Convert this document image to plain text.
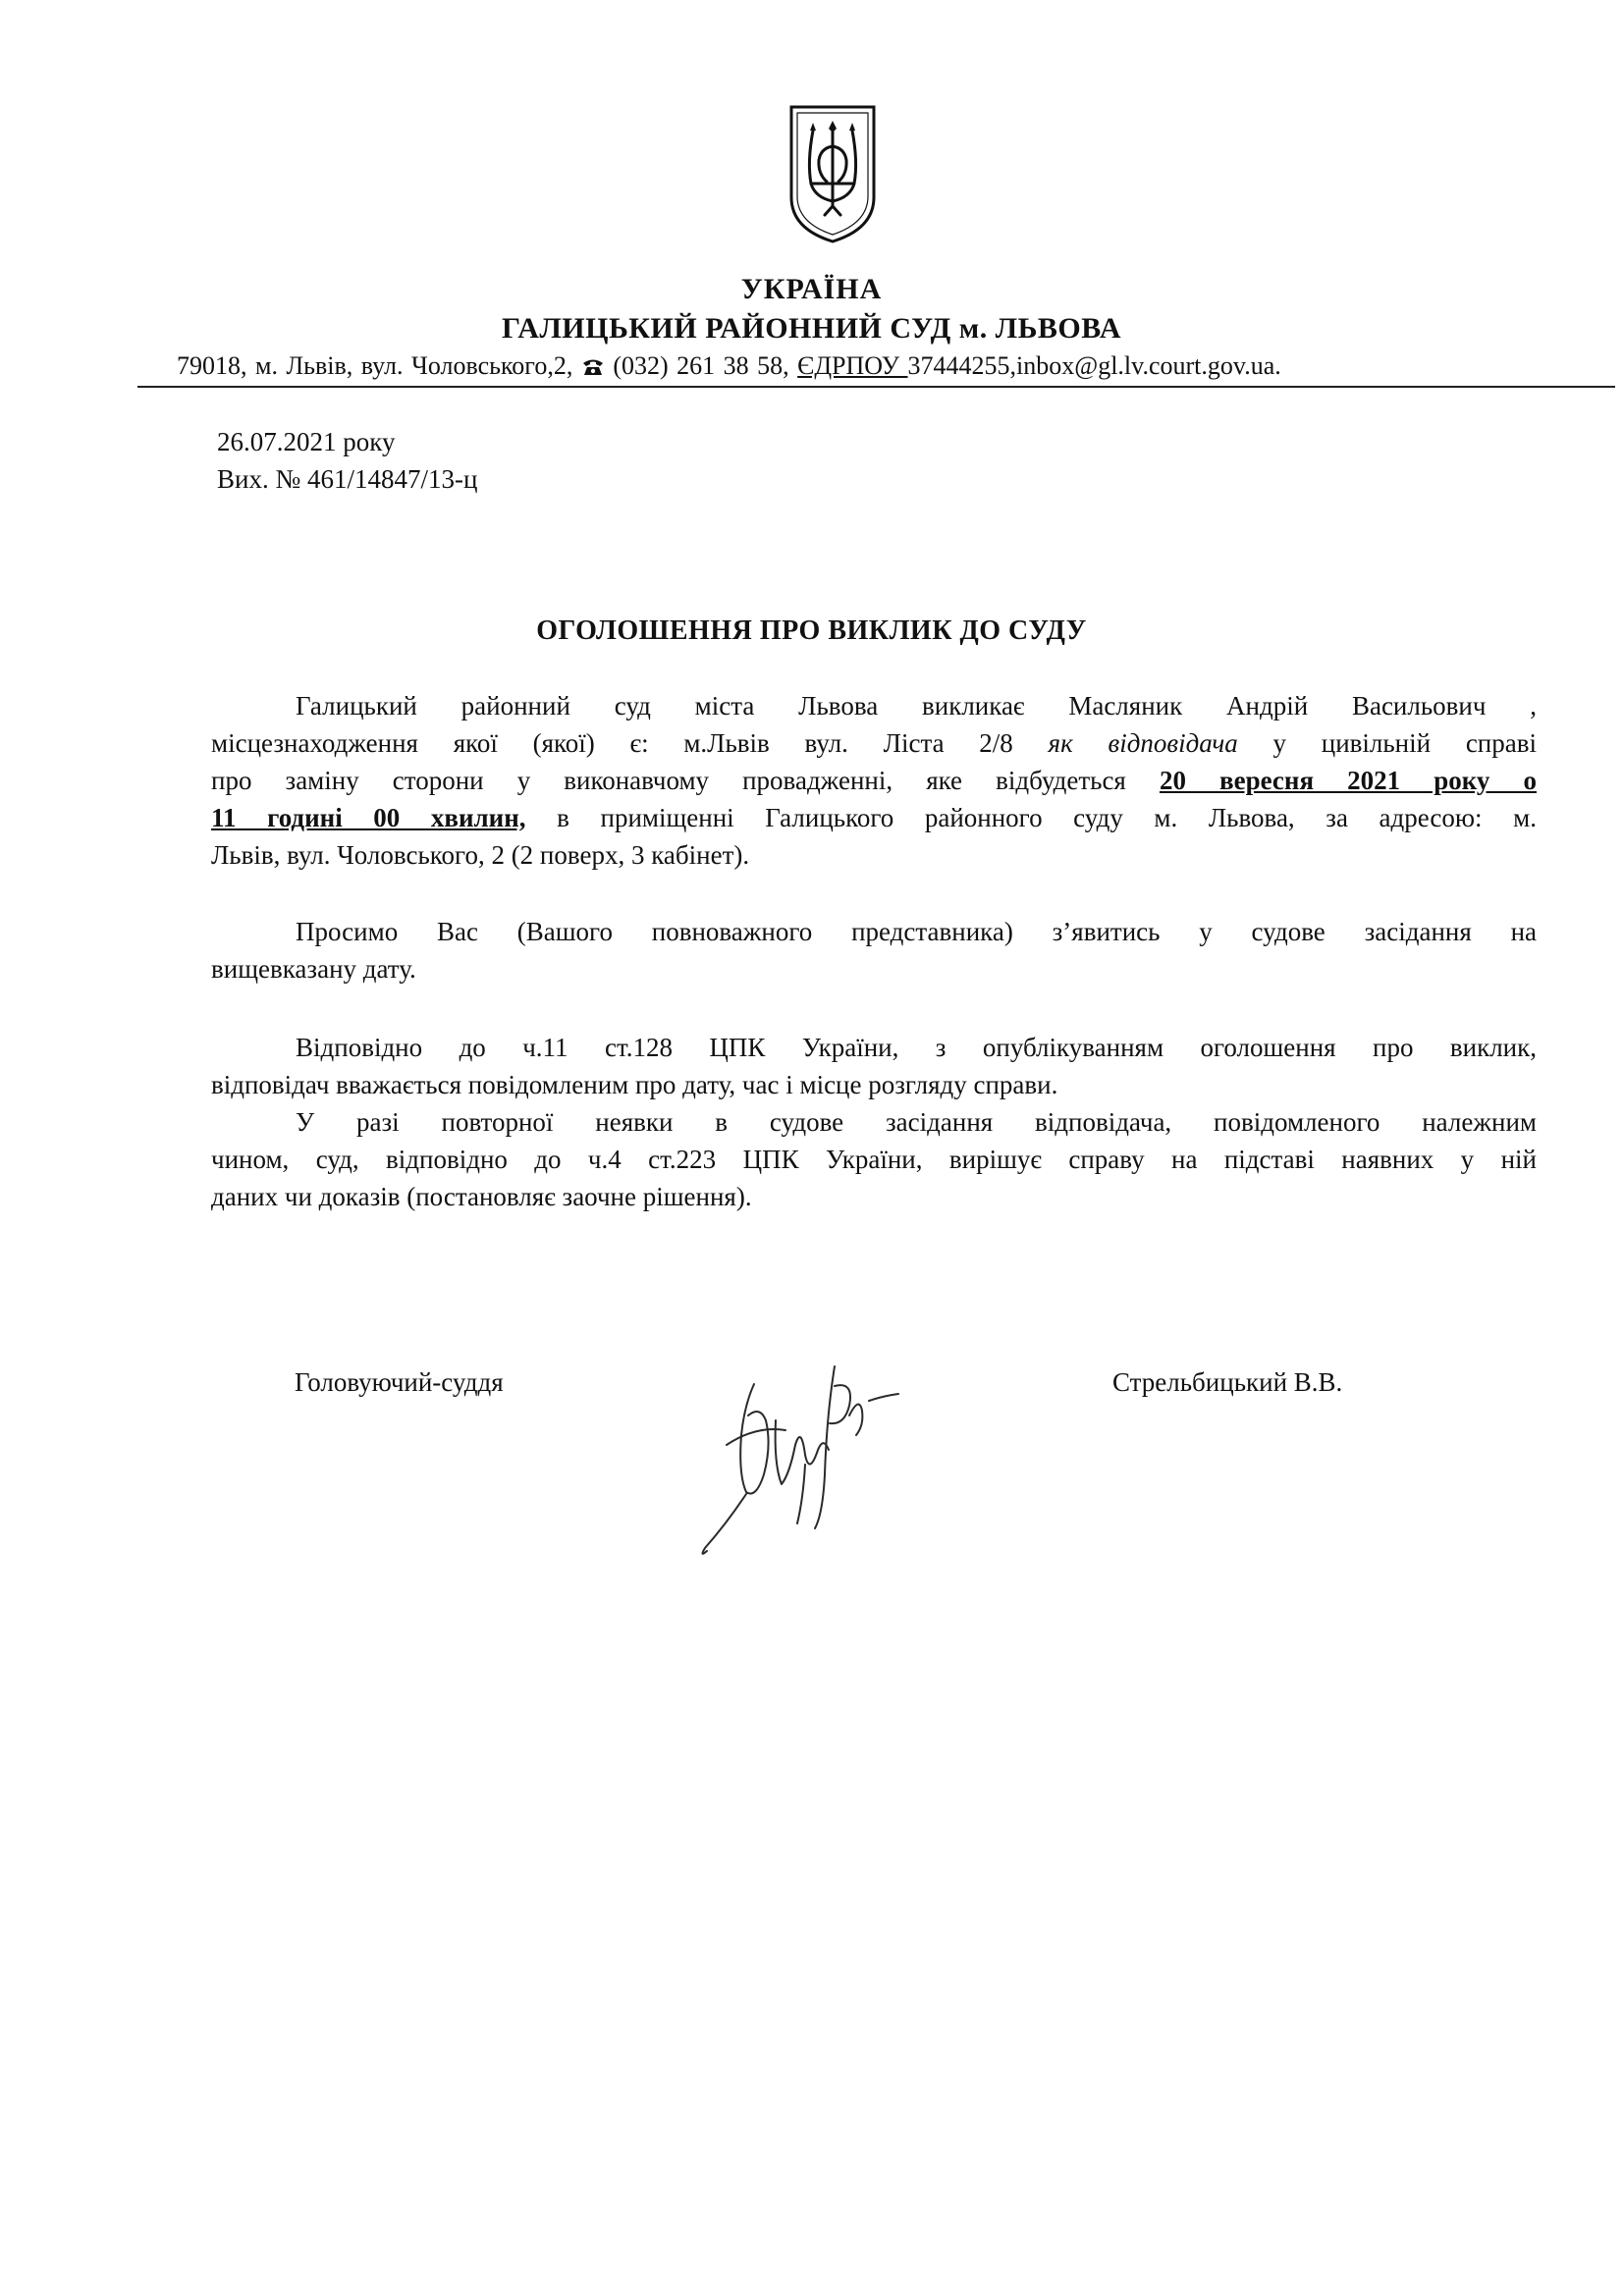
УКРАЇНА
ГАЛИЦЬКИЙ РАЙОННИЙ СУД м. ЛЬВОВА
79018, м. Львів, вул. Чоловського,2,  (032) 261 38 58, ЄДРПОУ 37444255,inbox@gl.lv.court.gov.ua.
26.07.2021 року
Вих. № 461/14847/13-ц
ОГОЛОШЕННЯ ПРО ВИКЛИК ДО СУДУ
Галицький районний суд міста Львова викликає Масляник Андрій Васильович ,
місцезнаходження якої (якої) є: м.Львів вул. Лiста 2/8 як відповідача у цивільній справі
про заміну сторони у виконавчому провадженні, яке відбудеться 20 вересня 2021 року о
11 годині 00 хвилин, в приміщенні Галицького районного суду м. Львова, за адресою: м.
Львів, вул. Чоловського, 2 (2 поверх, 3 кабінет).
Просимо Вас (Вашого повноважного представника) з’явитись у судове засідання на
вищевказану дату.
Відповідно до ч.11 ст.128 ЦПК України, з опублікуванням оголошення про виклик,
відповідач вважається повідомленим про дату, час і місце розгляду справи.
У разі повторної неявки в судове засідання відповідача, повідомленого належним
чином, суд, відповідно до ч.4 ст.223 ЦПК України, вирішує справу на підставі наявних у ній
даних чи доказів (постановляє заочне рішення).
Головуючий-суддя	Стрельбицький В.В.
